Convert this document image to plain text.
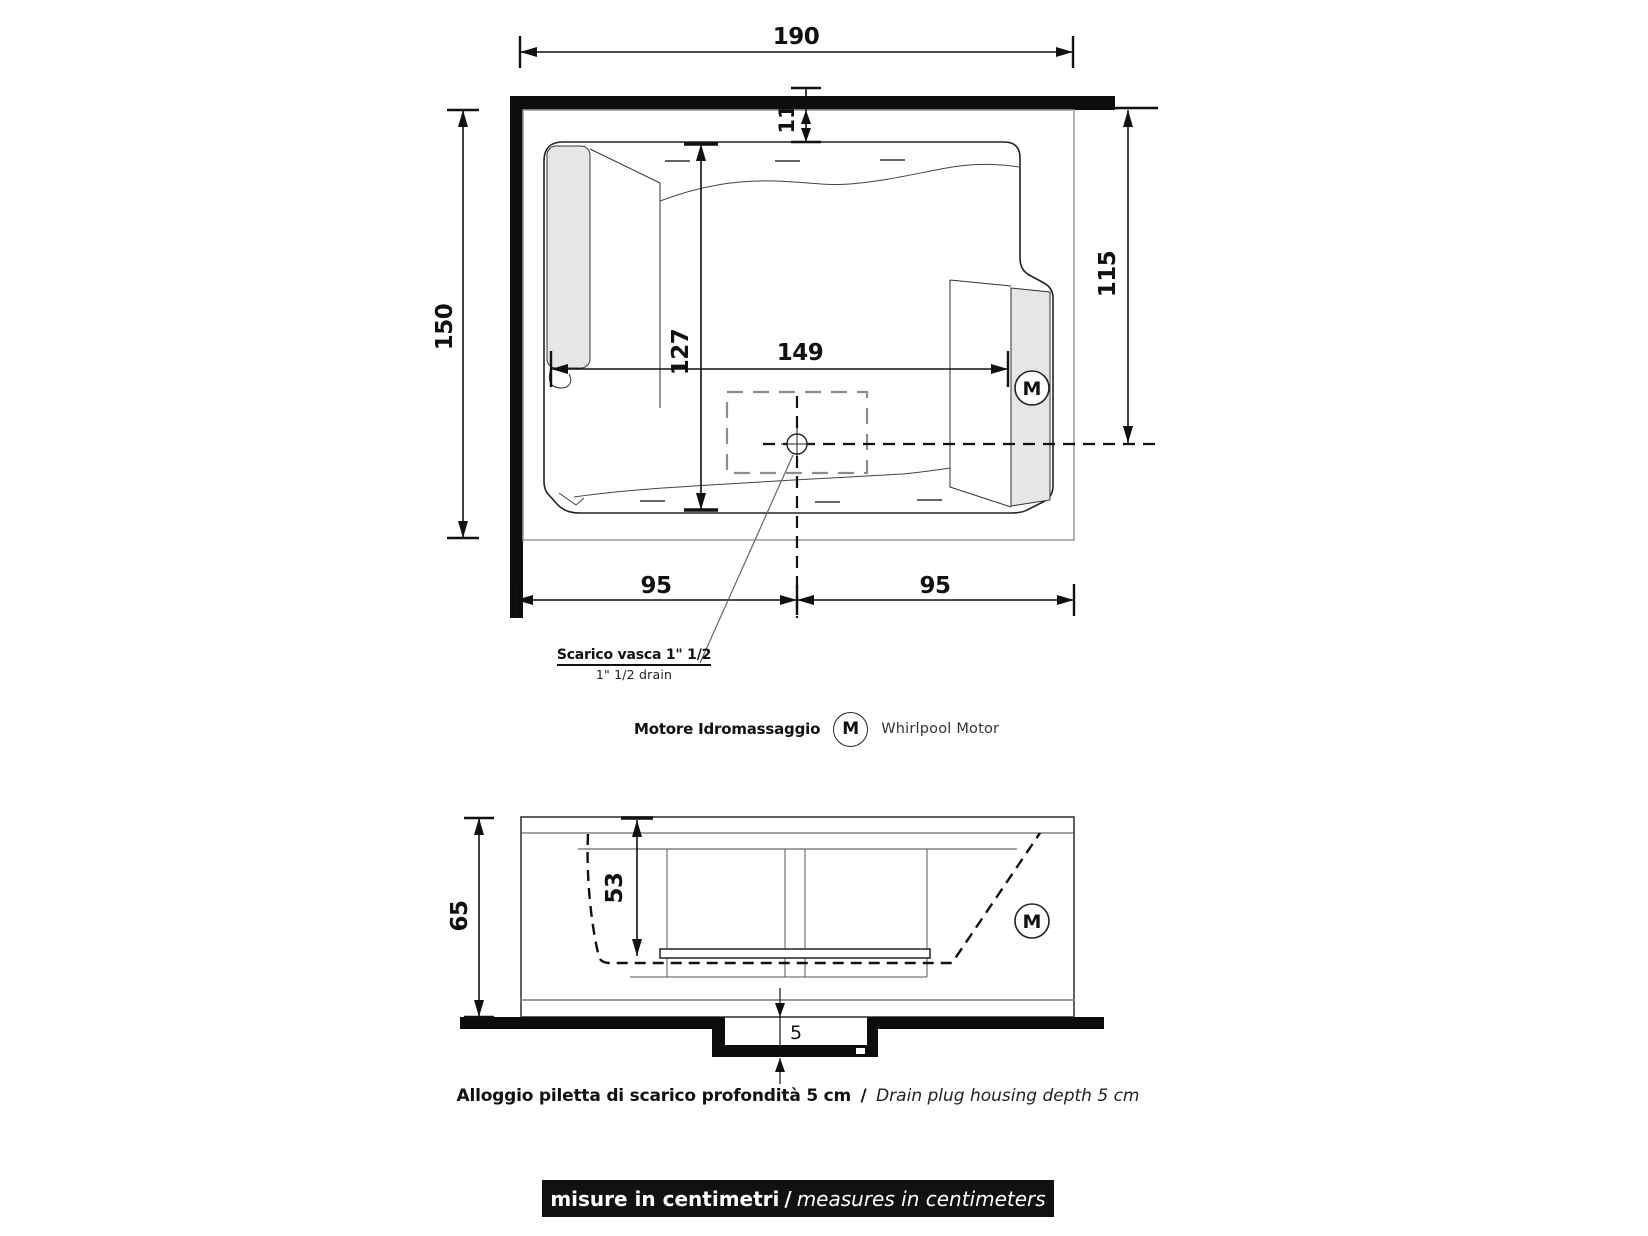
190
150
M
11
127	149
115
95	95
M
65
53
5
Scarico vasca 1" 1/2
1" 1/2 drain
Motore Idromassaggio	M	Whirlpool Motor
Alloggio piletta di scarico profondità 5 cm / Drain plug housing depth 5 cm
misure in centimetri / measures in centimeters
